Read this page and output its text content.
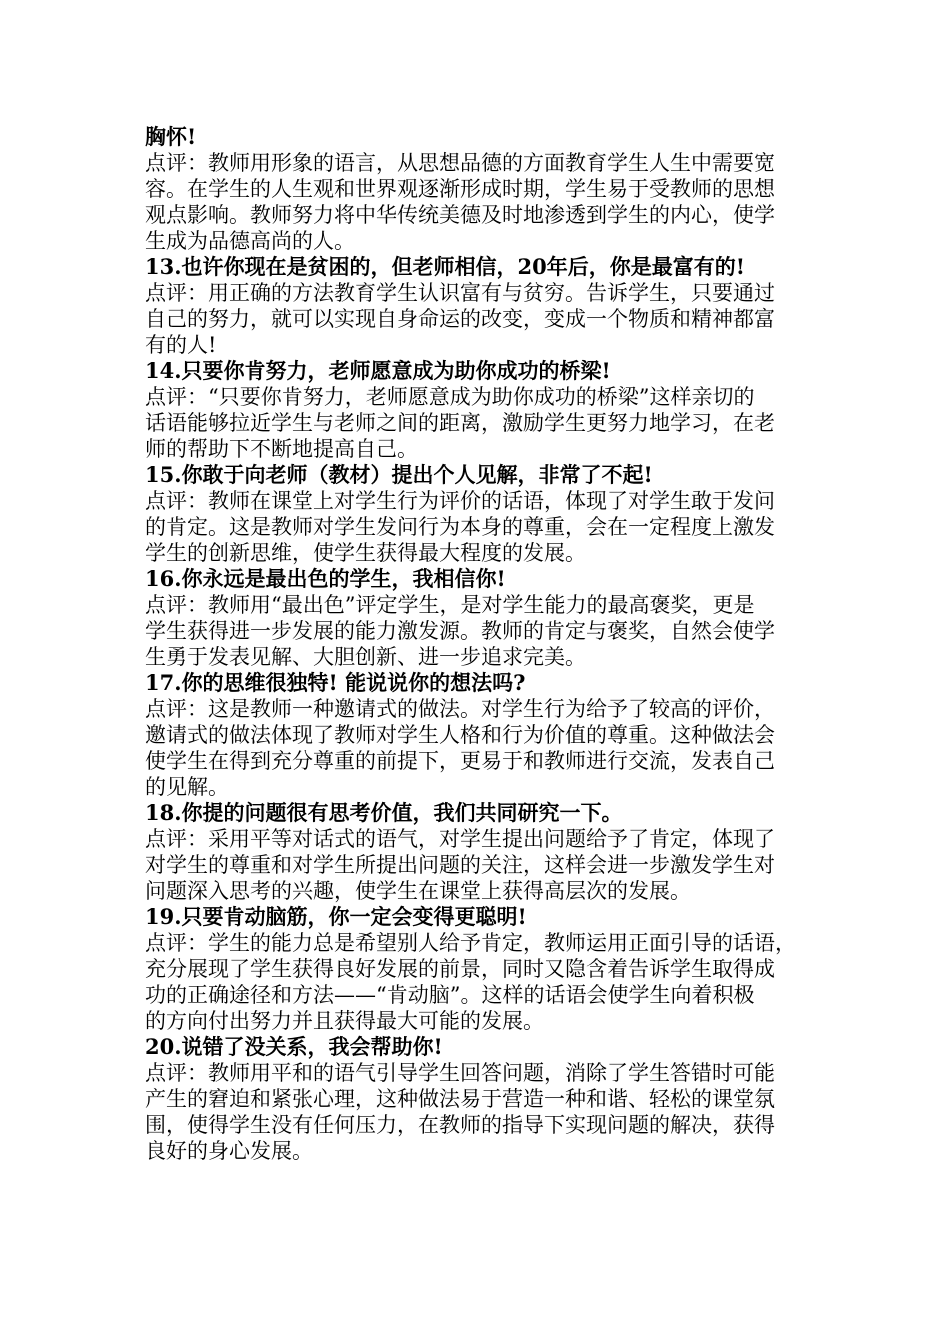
胸怀!
点评：教师用形象的语言，从思想品德的方面教育学生人生中需要宽
容。在学生的人生观和世界观逐渐形成时期，学生易于受教师的思想
观点影响。教师努力将中华传统美德及时地渗透到学生的内心，使学
生成为品德高尚的人。
13.也许你现在是贫困的，但老师相信，20年后，你是最富有的!
点评：用正确的方法教育学生认识富有与贫穷。告诉学生，只要通过
自己的努力，就可以实现自身命运的改变，变成一个物质和精神都富
有的人!
14.只要你肯努力，老师愿意成为助你成功的桥梁!
点评：“只要你肯努力，老师愿意成为助你成功的桥梁”这样亲切的
话语能够拉近学生与老师之间的距离，激励学生更努力地学习，在老
师的帮助下不断地提高自己。
15.你敢于向老师（教材）提出个人见解，非常了不起!
点评：教师在课堂上对学生行为评价的话语，体现了对学生敢于发问
的肯定。这是教师对学生发问行为本身的尊重，会在一定程度上激发
学生的创新思维，使学生获得最大程度的发展。
16.你永远是最出色的学生，我相信你!
点评：教师用“最出色”评定学生，是对学生能力的最高褒奖，更是
学生获得进一步发展的能力激发源。教师的肯定与褒奖，自然会使学
生勇于发表见解、大胆创新、进一步追求完美。
17.你的思维很独特! 能说说你的想法吗?
点评：这是教师一种邀请式的做法。对学生行为给予了较高的评价，
邀请式的做法体现了教师对学生人格和行为价值的尊重。这种做法会
使学生在得到充分尊重的前提下，更易于和教师进行交流，发表自己
的见解。
18.你提的问题很有思考价值，我们共同研究一下。
点评：采用平等对话式的语气，对学生提出问题给予了肯定，体现了
对学生的尊重和对学生所提出问题的关注，这样会进一步激发学生对
问题深入思考的兴趣，使学生在课堂上获得高层次的发展。
19.只要肯动脑筋，你一定会变得更聪明!
点评：学生的能力总是希望别人给予肯定，教师运用正面引导的话语，
充分展现了学生获得良好发展的前景，同时又隐含着告诉学生取得成
功的正确途径和方法——“肯动脑”。这样的话语会使学生向着积极
的方向付出努力并且获得最大可能的发展。
20.说错了没关系，我会帮助你!
点评：教师用平和的语气引导学生回答问题，消除了学生答错时可能
产生的窘迫和紧张心理，这种做法易于营造一种和谐、轻松的课堂氛
围，使得学生没有任何压力，在教师的指导下实现问题的解决，获得
良好的身心发展。
